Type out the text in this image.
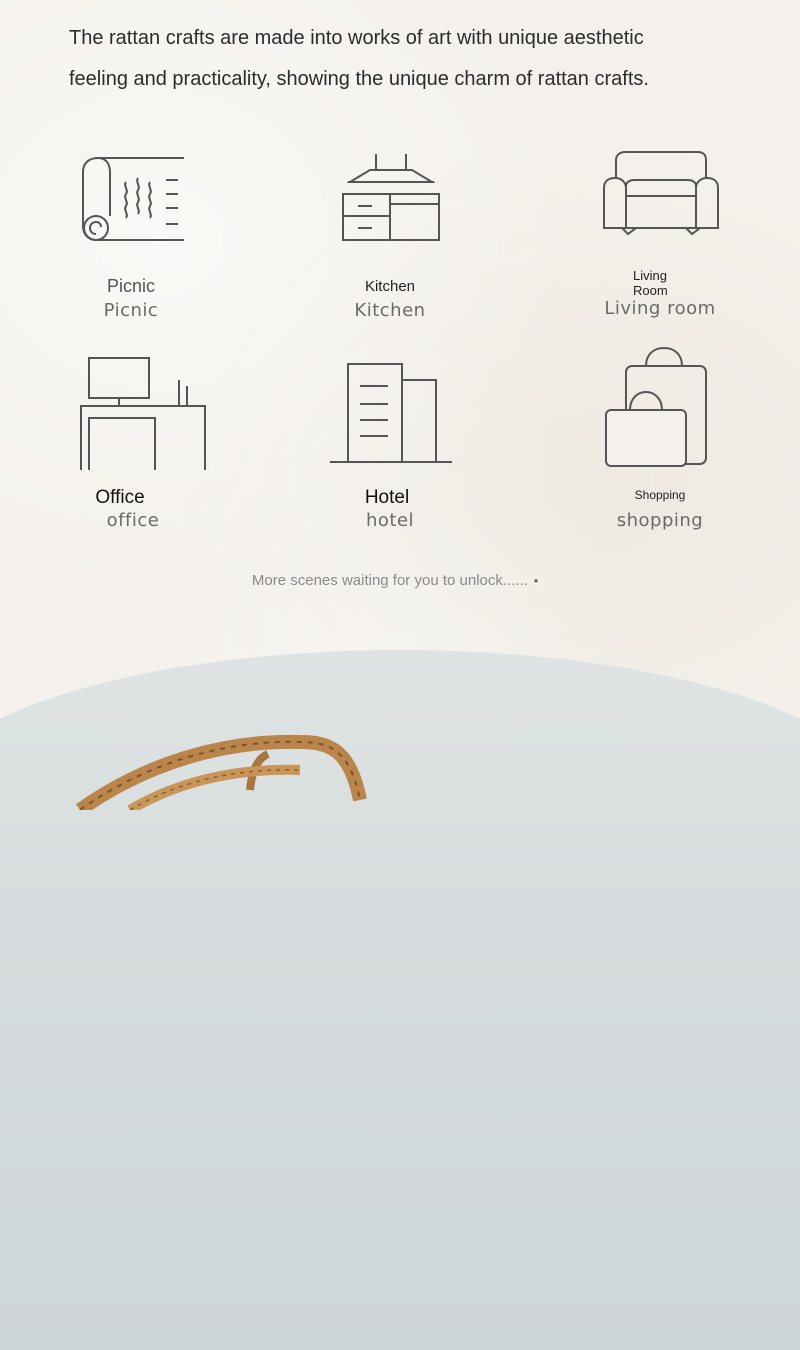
The rattan crafts are made into works of art with unique aesthetic
feeling and practicality, showing the unique charm of rattan crafts.
Picnic
Picnic
Kitchen
Kitchen
Living
Room
Living room
Office
office
Hotel
hotel
Shopping
shopping
More scenes waiting for you to unlock...... •
